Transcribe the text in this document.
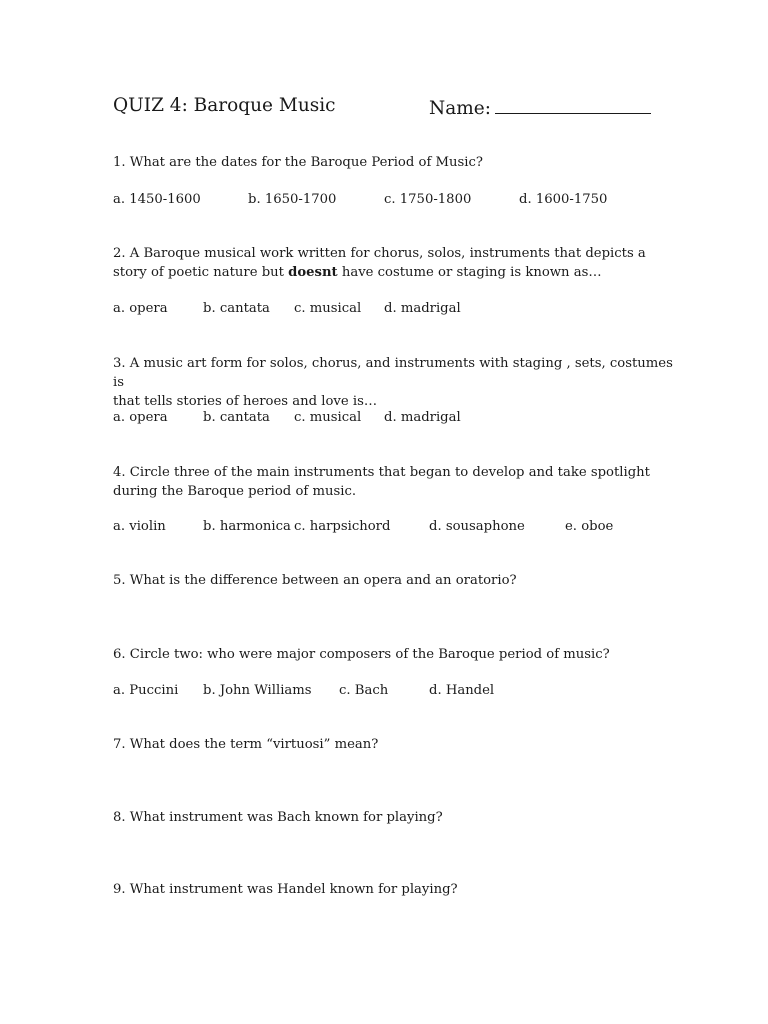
QUIZ 4: Baroque Music	Name:
1. What are the dates for the Baroque Period of Music?
a. 1450-1600	b. 1650-1700	c. 1750-1800	d. 1600-1750
2. A Baroque musical work written for chorus, solos, instruments that depicts a
story of poetic nature but doesnt have costume or staging is known as…
a. opera	b. cantata c. musical d. madrigal
3. A music art form for solos, chorus, and instruments with staging , sets, costumes is
that tells stories of heroes and love is…
a. opera	b. cantata c. musical d. madrigal
4. Circle three of the main instruments that began to develop and take spotlight
during the Baroque period of music.
a. violin	b. harmonica c. harpsichord	d. sousaphone	e. oboe
5. What is the difference between an opera and an oratorio?
6. Circle two: who were major composers of the Baroque period of music?
a. Puccini b. John Williams c. Bach	d. Handel
7. What does the term “virtuosi” mean?
8. What instrument was Bach known for playing?
9. What instrument was Handel known for playing?
